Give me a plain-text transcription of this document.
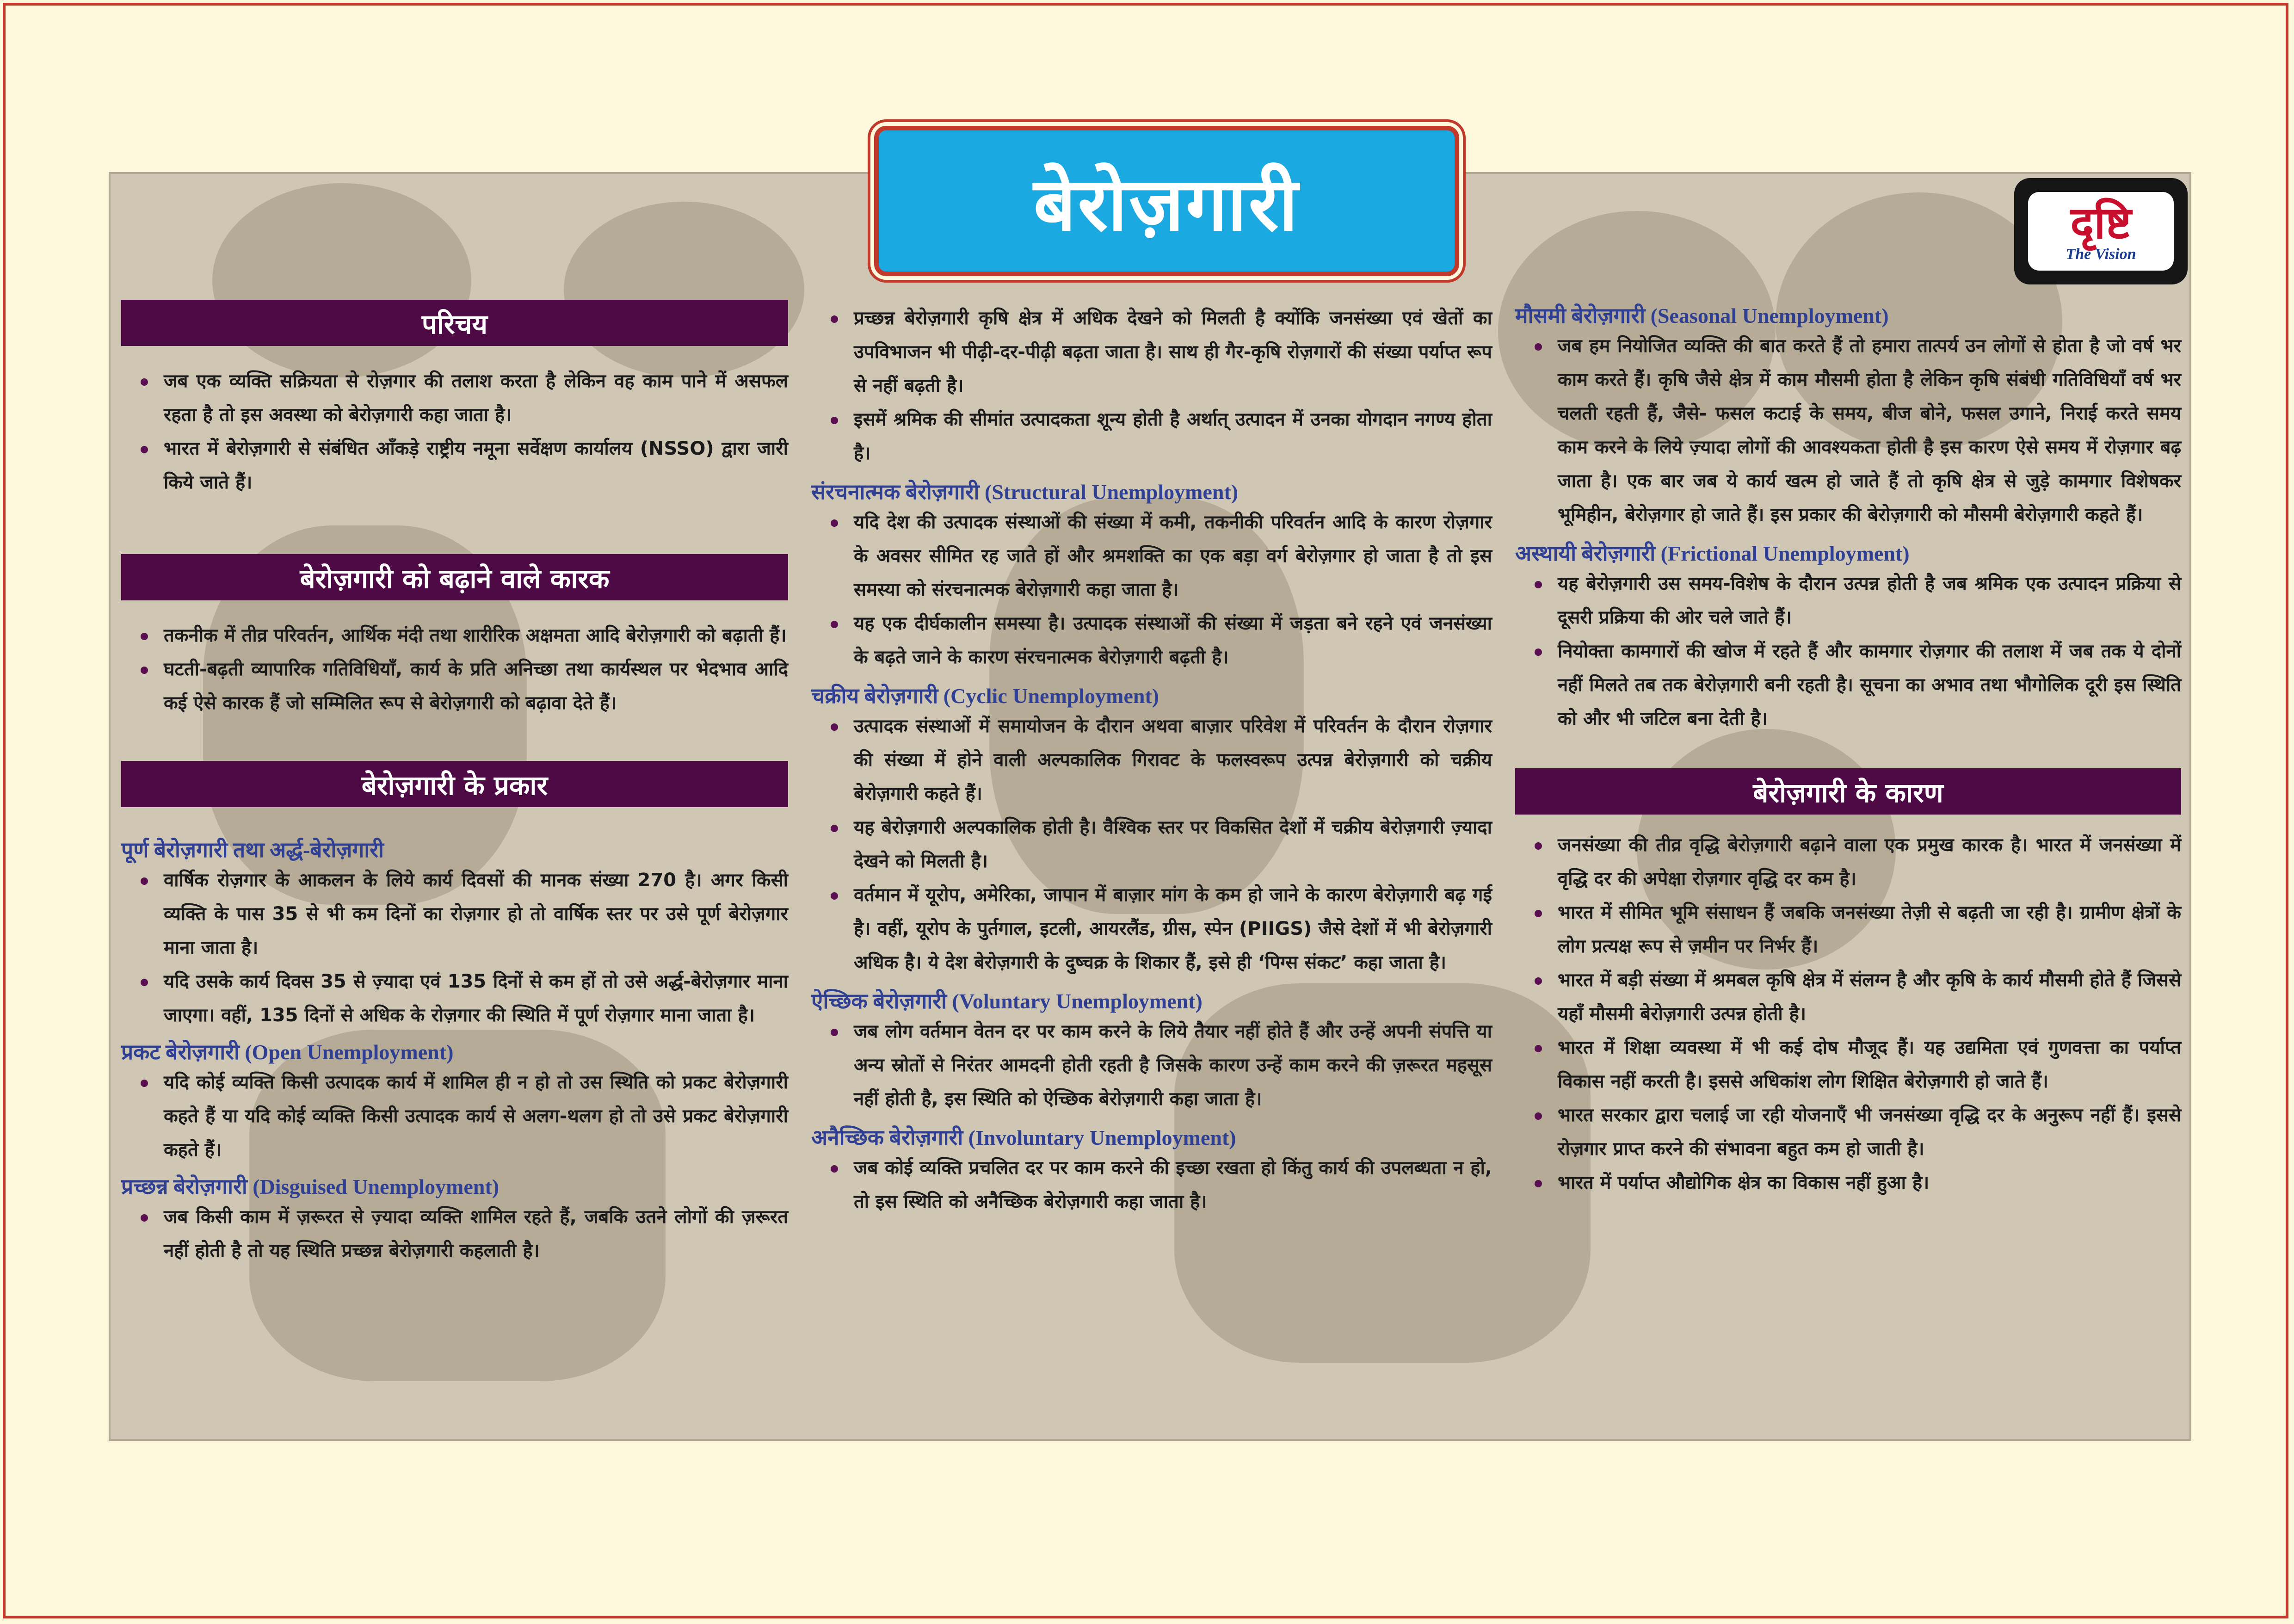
बेरोज़गारी	दृष्टि
The Vision
परिचय
जब एक व्यक्ति सक्रियता से रोज़गार की तलाश करता है लेकिन वह काम पाने में असफल रहता है तो इस अवस्था को बेरोज़गारी कहा जाता है।
भारत में बेरोज़गारी से संबंधित आँकड़े राष्ट्रीय नमूना सर्वेक्षण कार्यालय (NSSO) द्वारा जारी किये जाते हैं।
बेरोज़गारी को बढ़ाने वाले कारक
तकनीक में तीव्र परिवर्तन, आर्थिक मंदी तथा शारीरिक अक्षमता आदि बेरोज़गारी को बढ़ाती हैं।
घटती-बढ़ती व्यापारिक गतिविधियाँ, कार्य के प्रति अनिच्छा तथा कार्यस्थल पर भेदभाव आदि कई ऐसे कारक हैं जो सम्मिलित रूप से बेरोज़गारी को बढ़ावा देते हैं।
बेरोज़गारी के प्रकार

पूर्ण बेरोज़गारी तथा अर्द्ध-बेरोज़गारी

वार्षिक रोज़गार के आकलन के लिये कार्य दिवसों की मानक संख्या 270 है। अगर किसी व्यक्ति के पास 35 से भी कम दिनों का रोज़गार हो तो वार्षिक स्तर पर उसे पूर्ण बेरोज़गार माना जाता है।
यदि उसके कार्य दिवस 35 से ज़्यादा एवं 135 दिनों से कम हों तो उसे अर्द्ध-बेरोज़गार माना जाएगा। वहीं, 135 दिनों से अधिक के रोज़गार की स्थिति में पूर्ण रोज़गार माना जाता है।

प्रकट बेरोज़गारी (Open Unemployment)

यदि कोई व्यक्ति किसी उत्पादक कार्य में शामिल ही न हो तो उस स्थिति को प्रकट बेरोज़गारी कहते हैं या यदि कोई व्यक्ति किसी उत्पादक कार्य से अलग-थलग हो तो उसे प्रकट बेरोज़गारी कहते हैं।

प्रच्छन्न बेरोज़गारी (Disguised Unemployment)

जब किसी काम में ज़रूरत से ज़्यादा व्यक्ति शामिल रहते हैं, जबकि उतने लोगों की ज़रूरत नहीं होती है तो यह स्थिति प्रच्छन्न बेरोज़गारी कहलाती है।
प्रच्छन्न बेरोज़गारी कृषि क्षेत्र में अधिक देखने को मिलती है क्योंकि जनसंख्या एवं खेतों का उपविभाजन भी पीढ़ी-दर-पीढ़ी बढ़ता जाता है। साथ ही गैर-कृषि रोज़गारों की संख्या पर्याप्त रूप से नहीं बढ़ती है।
इसमें श्रमिक की सीमांत उत्पादकता शून्य होती है अर्थात् उत्पादन में उनका योगदान नगण्य होता है।

संरचनात्मक बेरोज़गारी (Structural Unemployment)

यदि देश की उत्पादक संस्थाओं की संख्या में कमी, तकनीकी परिवर्तन आदि के कारण रोज़गार के अवसर सीमित रह जाते हों और श्रमशक्ति का एक बड़ा वर्ग बेरोज़गार हो जाता है तो इस समस्या को संरचनात्मक बेरोज़गारी कहा जाता है।
यह एक दीर्घकालीन समस्या है। उत्पादक संस्थाओं की संख्या में जड़ता बने रहने एवं जनसंख्या के बढ़ते जाने के कारण संरचनात्मक बेरोज़गारी बढ़ती है।

चक्रीय बेरोज़गारी (Cyclic Unemployment)

उत्पादक संस्थाओं में समायोजन के दौरान अथवा बाज़ार परिवेश में परिवर्तन के दौरान रोज़गार की संख्या में होने वाली अल्पकालिक गिरावट के फलस्वरूप उत्पन्न बेरोज़गारी को चक्रीय बेरोज़गारी कहते हैं।
यह बेरोज़गारी अल्पकालिक होती है। वैश्विक स्तर पर विकसित देशों में चक्रीय बेरोज़गारी ज़्यादा देखने को मिलती है।
वर्तमान में यूरोप, अमेरिका, जापान में बाज़ार मांग के कम हो जाने के कारण बेरोज़गारी बढ़ गई है। वहीं, यूरोप के पुर्तगाल, इटली, आयरलैंड, ग्रीस, स्पेन (PIIGS) जैसे देशों में भी बेरोज़गारी अधिक है। ये देश बेरोज़गारी के दुष्चक्र के शिकार हैं, इसे ही ‘पिग्स संकट’ कहा जाता है।

ऐच्छिक बेरोज़गारी (Voluntary Unemployment)

जब लोग वर्तमान वेतन दर पर काम करने के लिये तैयार नहीं होते हैं और उन्हें अपनी संपत्ति या अन्य स्रोतों से निरंतर आमदनी होती रहती है जिसके कारण उन्हें काम करने की ज़रूरत महसूस नहीं होती है, इस स्थिति को ऐच्छिक बेरोज़गारी कहा जाता है।

अनैच्छिक बेरोज़गारी (Involuntary Unemployment)

जब कोई व्यक्ति प्रचलित दर पर काम करने की इच्छा रखता हो किंतु कार्य की उपलब्धता न हो, तो इस स्थिति को अनैच्छिक बेरोज़गारी कहा जाता है।

मौसमी बेरोज़गारी (Seasonal Unemployment)

जब हम नियोजित व्यक्ति की बात करते हैं तो हमारा तात्पर्य उन लोगों से होता है जो वर्ष भर काम करते हैं। कृषि जैसे क्षेत्र में काम मौसमी होता है लेकिन कृषि संबंधी गतिविधियाँ वर्ष भर चलती रहती हैं, जैसे- फसल कटाई के समय, बीज बोने, फसल उगाने, निराई करते समय काम करने के लिये ज़्यादा लोगों की आवश्यकता होती है इस कारण ऐसे समय में रोज़गार बढ़ जाता है। एक बार जब ये कार्य खत्म हो जाते हैं तो कृषि क्षेत्र से जुड़े कामगार विशेषकर भूमिहीन, बेरोज़गार हो जाते हैं। इस प्रकार की बेरोज़गारी को मौसमी बेरोज़गारी कहते हैं।

अस्थायी बेरोज़गारी (Frictional Unemployment)

यह बेरोज़गारी उस समय-विशेष के दौरान उत्पन्न होती है जब श्रमिक एक उत्पादन प्रक्रिया से दूसरी प्रक्रिया की ओर चले जाते हैं।
नियोक्ता कामगारों की खोज में रहते हैं और कामगार रोज़गार की तलाश में जब तक ये दोनों नहीं मिलते तब तक बेरोज़गारी बनी रहती है। सूचना का अभाव तथा भौगोलिक दूरी इस स्थिति को और भी जटिल बना देती है।
बेरोज़गारी के कारण
जनसंख्या की तीव्र वृद्धि बेरोज़गारी बढ़ाने वाला एक प्रमुख कारक है। भारत में जनसंख्या में वृद्धि दर की अपेक्षा रोज़गार वृद्धि दर कम है।
भारत में सीमित भूमि संसाधन हैं जबकि जनसंख्या तेज़ी से बढ़ती जा रही है। ग्रामीण क्षेत्रों के लोग प्रत्यक्ष रूप से ज़मीन पर निर्भर हैं।
भारत में बड़ी संख्या में श्रमबल कृषि क्षेत्र में संलग्न है और कृषि के कार्य मौसमी होते हैं जिससे यहाँ मौसमी बेरोज़गारी उत्पन्न होती है।
भारत में शिक्षा व्यवस्था में भी कई दोष मौजूद हैं। यह उद्यमिता एवं गुणवत्ता का पर्याप्त विकास नहीं करती है। इससे अधिकांश लोग शिक्षित बेरोज़गारी हो जाते हैं।
भारत सरकार द्वारा चलाई जा रही योजनाएँ भी जनसंख्या वृद्धि दर के अनुरूप नहीं हैं। इससे रोज़गार प्राप्त करने की संभावना बहुत कम हो जाती है।
भारत में पर्याप्त औद्योगिक क्षेत्र का विकास नहीं हुआ है।
